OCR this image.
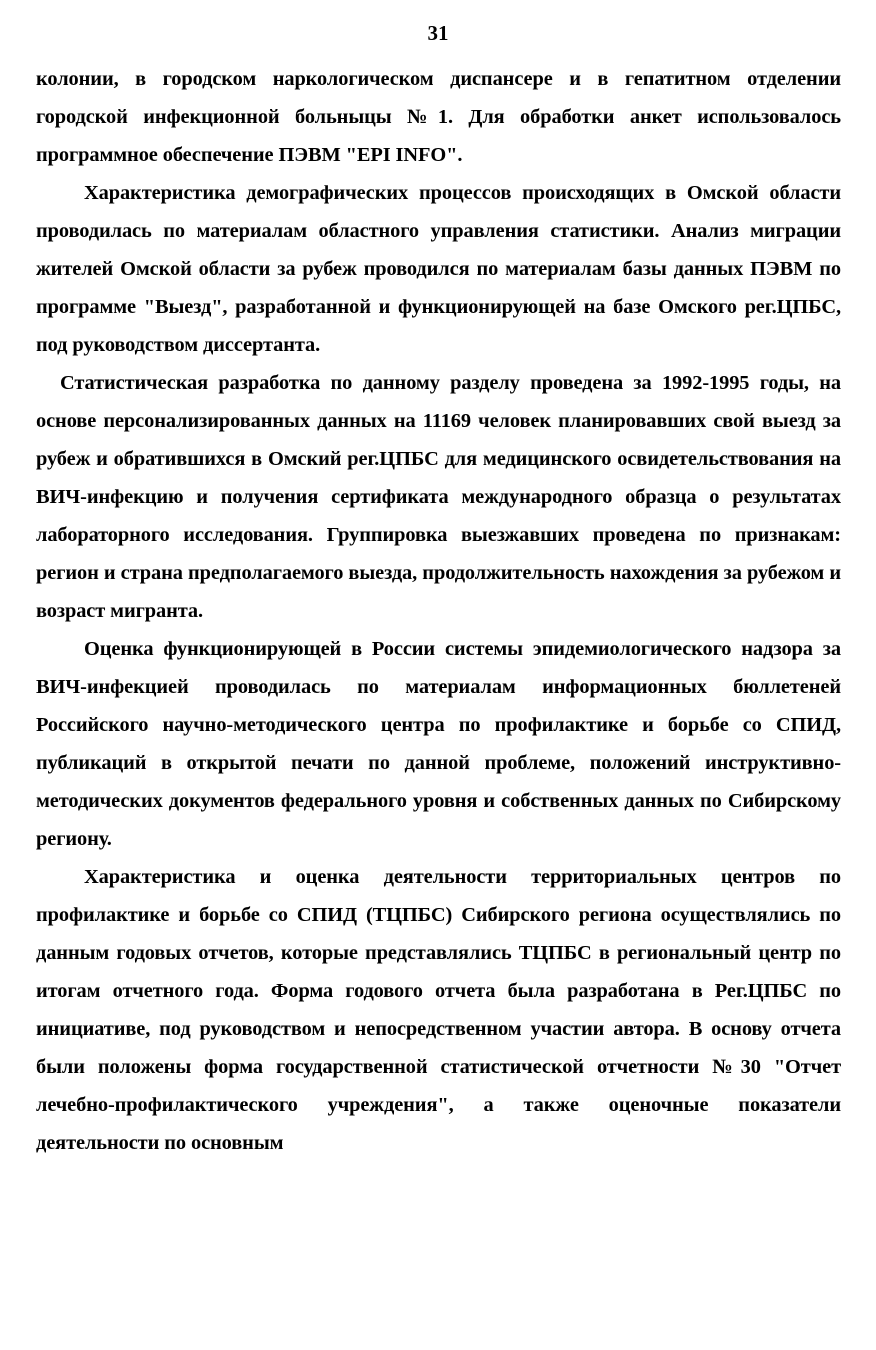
31

колонии, в городском наркологическом диспансере и в гепатитном отделении городской инфекционной больныцы №1. Для обработки анкет использовалось программное обеспечение ПЭВМ "EPI INFO".

Характеристика демографических процессов происходящих в Омской области проводилась по материалам областного управления статистики. Анализ миграции жителей Омской области за рубеж проводился по материалам базы данных ПЭВМ по программе "Выезд", разработанной и функционирующей на базе Омского рег.ЦПБС, под руководством диссертанта.

Статистическая разработка по данному разделу проведена за 1992-1995 годы, на основе персонализированных данных на 11169 человек планировавших свой выезд за рубеж и обратившихся в Омский рег.ЦПБС для медицинского освидетельствования на ВИЧ-инфекцию и получения сертификата международного образца о результатах лабораторного исследования. Группировка выезжавших проведена по признакам: регион и страна предполагаемого выезда, продолжительность нахождения за рубежом и возраст мигранта.

Оценка функционирующей в России системы эпидемиологического надзора за ВИЧ-инфекцией проводилась по материалам информационных бюллетеней Российского научно-методического центра по профилактике и борьбе со СПИД, публикаций в открытой печати по данной проблеме, положений инструктивно-методических документов федерального уровня и собственных данных по Сибирскому региону.

Характеристика и оценка деятельности территориальных центров по профилактике и борьбе со СПИД (ТЦПБС) Сибирского региона осуществлялись по данным годовых отчетов, которые представлялись ТЦПБС в региональный центр по итогам отчетного года. Форма годового отчета была разработана в Рег.ЦПБС по инициативе, под руководством и непосредственном участии автора. В основу отчета были положены форма государственной статистической отчетности №30 "Отчет лечебно-профилактического учреждения", а также оценочные показатели деятельности по основным
